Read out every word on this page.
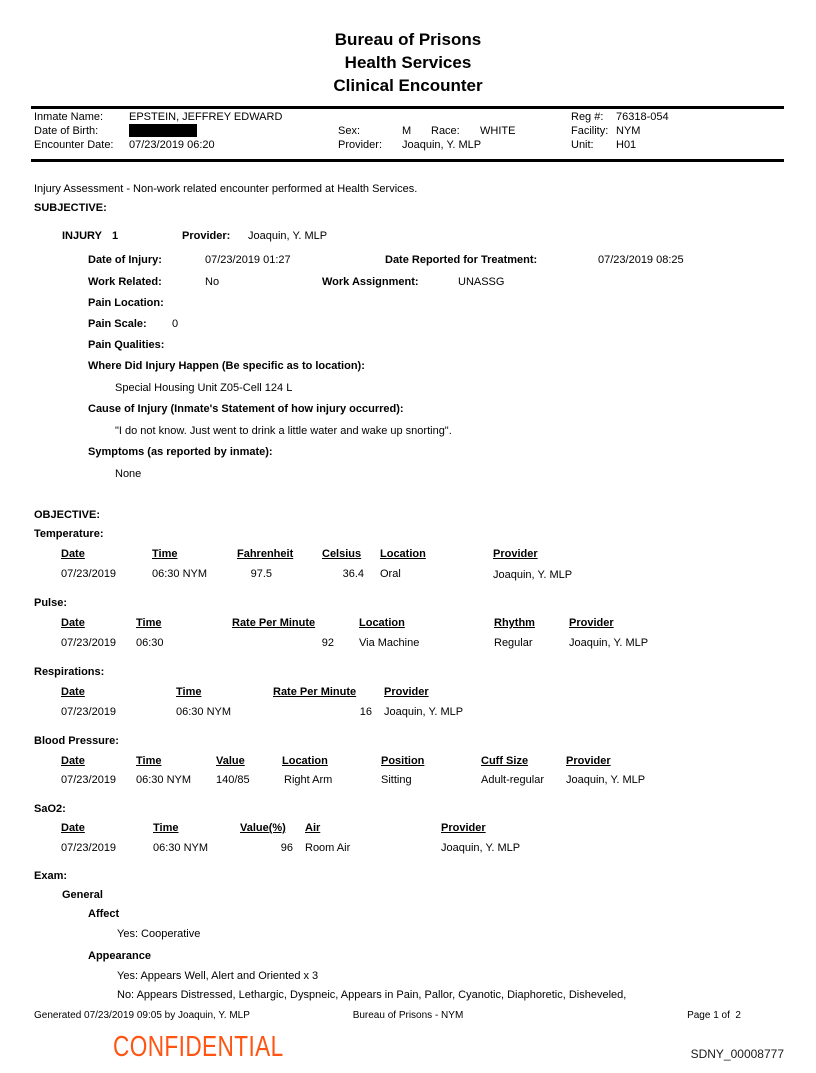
Bureau of Prisons
Health Services
Clinical Encounter
Inmate Name: EPSTEIN, JEFFREY EDWARD	Reg #: 76318-054
Date of Birth:	Sex:	M Race: WHITE	Facility: NYM
Encounter Date: 07/23/2019 06:20	Provider: Joaquin, Y. MLP	Unit: H01
Injury Assessment - Non-work related encounter performed at Health Services.
SUBJECTIVE:
INJURY 1	Provider: Joaquin, Y. MLP
Date of Injury:	07/23/2019 01:27	Date Reported for Treatment:	07/23/2019 08:25
Work Related:	No	Work Assignment:	UNASSG
Pain Location:
Pain Scale: 0
Pain Qualities:
Where Did Injury Happen (Be specific as to location):
Special Housing Unit Z05-Cell 124 L
Cause of Injury (Inmate's Statement of how injury occurred):
"I do not know. Just went to drink a little water and wake up snorting".
Symptoms (as reported by inmate):
None
OBJECTIVE:
Temperature:
Date	Time	Fahrenheit	Celsius Location	Provider
07/23/2019	06:30 NYM	97.5	36.4 Oral	Joaquin, Y. MLP
Pulse:
Date	Time	Rate Per Minute	Location	Rhythm	Provider
07/23/2019 06:30	92 Via Machine	Regular	Joaquin, Y. MLP
Respirations:
Date	Time	Rate Per Minute	Provider
07/23/2019	06:30 NYM	16 Joaquin, Y. MLP
Blood Pressure:
Date	Time	Value	Location	Position	Cuff Size	Provider
07/23/2019 06:30 NYM 140/85	Right Arm	Sitting	Adult-regular Joaquin, Y. MLP
SaO2:
Date	Time	Value(%) Air	Provider
07/23/2019	06:30 NYM	96 Room Air	Joaquin, Y. MLP
Exam:
General
Affect
Yes: Cooperative
Appearance
Yes: Appears Well, Alert and Oriented x 3
No: Appears Distressed, Lethargic, Dyspneic, Appears in Pain, Pallor, Cyanotic, Diaphoretic, Disheveled,
Generated 07/23/2019 09:05 by Joaquin, Y. MLP	Bureau of Prisons - NYM	Page 1 of  2
CONFIDENTIAL	SDNY_00008777
